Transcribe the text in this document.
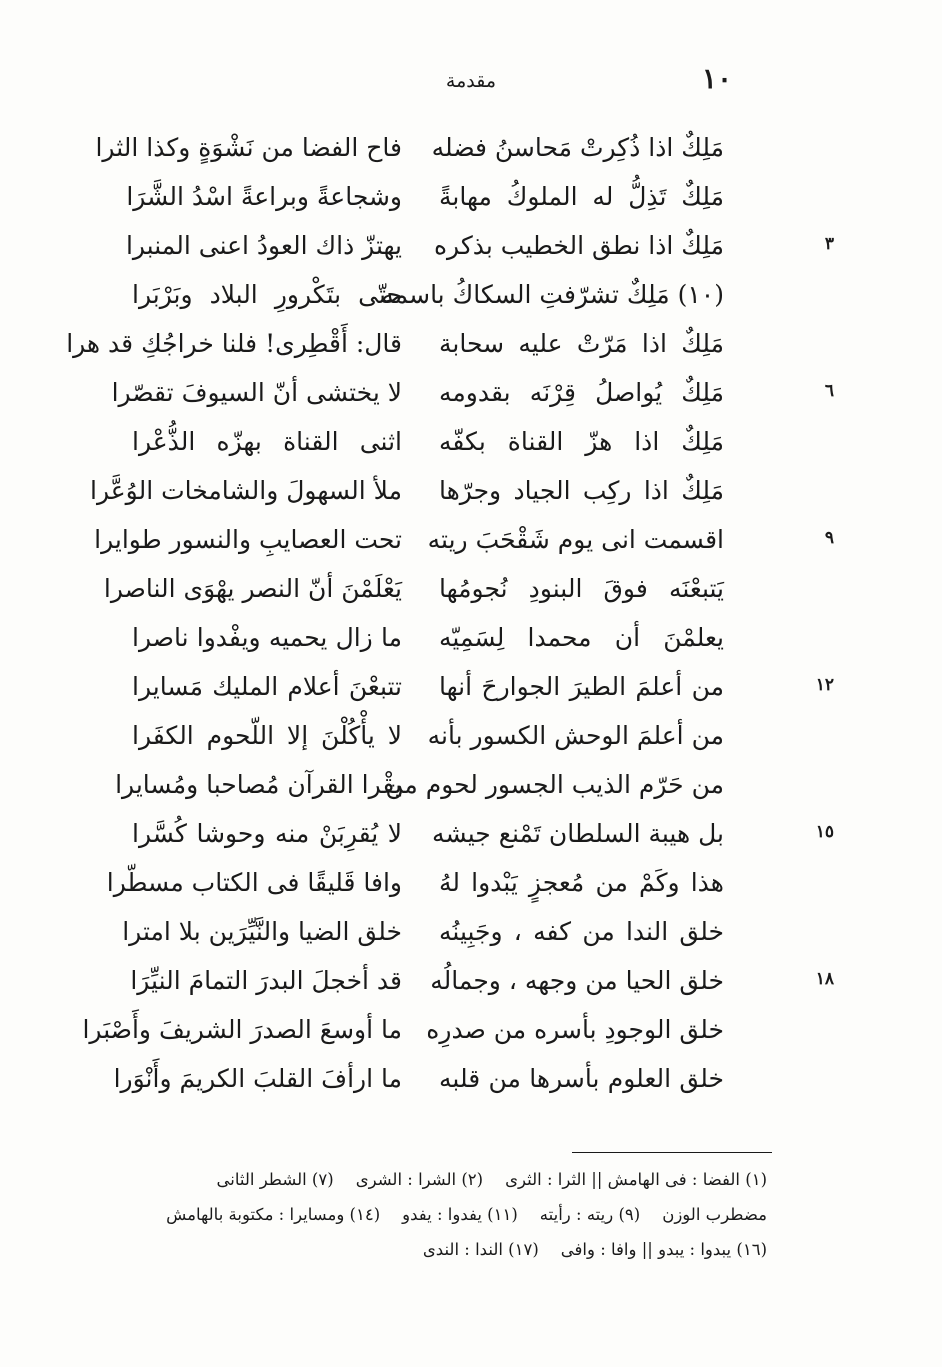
١٠
مقدمة
مَلِكٌ اذا ذُكِرتْ مَحاسنُ فضله
فاح الفضا من نَشْوَةٍ وكذا الثرا
مَلِكٌ تَذِلُّ له الملوكُ مهابةً
وشجاعةً وبراعةً اسْدُ الشَّرَا
٣
مَلِكٌ اذا نطق الخطيب بذكره
يهتزّ ذاك العودُ اعنى المنبرا
(١٠) مَلِكٌ تشرّفتِ السكاكُ باسمه
حتّى بتَكْرورِ البلاد وبَرْبَرا
مَلِكٌ اذا مَرّتْ عليه سحابة
قال: أَقْطِرى! فلنا خراجُكِ قد هرا
٦
مَلِكٌ يُواصلُ قِرْنَه بقدومه
لا يختشى أنّ السيوفَ تقصّرا
مَلِكٌ اذا هزّ القناة بكفّه
اثنى القناة بهزّه الذُّعْرا
مَلِكٌ اذا ركِب الجياد وجرّها
ملأ السهولَ والشامخات الوُعَّرا
٩
اقسمت انى يوم شَقْحَبَ ريته
تحت العصايبِ والنسور طوايرا
يَتبعْنَه فوقَ البنودِ نُجومُها
يَعْلَمْنَ أنّ النصر يهْوَى الناصرا
يعلمْنَ أن محمدا لِسَمِيّه
ما زال يحميه ويفْدوا ناصرا
١٢
من أعلمَ الطيرَ الجوارحَ أنها
تتبعْنَ أعلام المليك مَسايرا
من أعلمَ الوحش الكسور بأنه
لا يأْكُلْنَ إلا اللّحوم الكفَرا
من حَرّم الذيب الجسور لحوم من
يقْرا القرآن مُصاحبا ومُسايرا
١٥
بل هيبة السلطان تَمْنع جيشه
لا يُقرِبَنْ منه وحوشا كُسَّرا
هذا وكَمْ من مُعجزٍ يَبْدوا لهُ
وافا قَليقًا فى الكتاب مسطّرا
خلق الندا من كفه ، وجَبِينُه
خلق الضيا والنَّيِّرَين بلا امترا
١٨
خلق الحيا من وجهه ، وجمالُه
قد أخجلَ البدرَ التمامَ النيِّرَا
خلق الوجودِ بأسره من صدرِه
ما أوسعَ الصدرَ الشريفَ وأَصْبَرا
خلق العلوم بأسرها من قلبه
ما ارأفَ القلبَ الكريمَ وأَنْوَرا
(١) الفضا : فى الهامش || الثرا : الثرى(٢) الشرا : الشرى(٧) الشطر الثانى
مضطرب الوزن(٩) ريته : رأيته(١١) يفدوا : يفدو(١٤) ومسايرا : مكتوبة بالهامش
(١٦) يبدوا : يبدو || وافا : وافى(١٧) الندا : الندى
